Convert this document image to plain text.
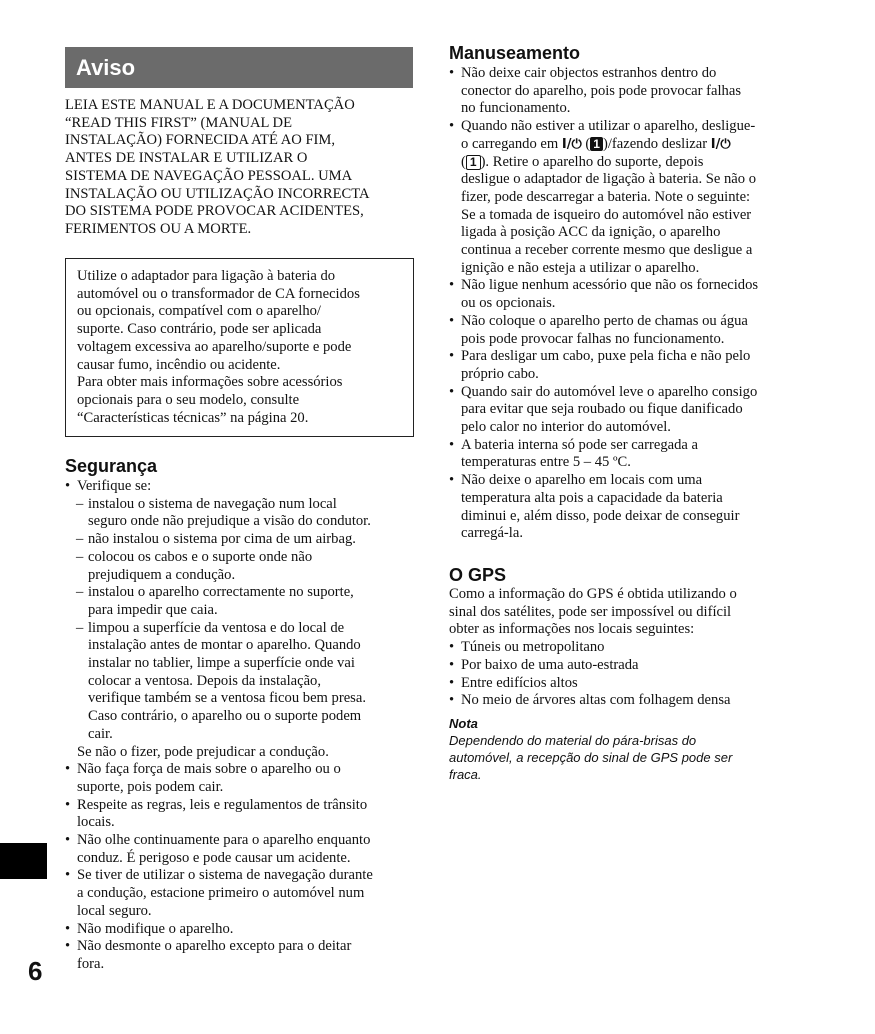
Aviso
LEIA ESTE MANUAL E A DOCUMENTAÇÃO
“READ THIS FIRST” (MANUAL DE
INSTALAÇÃO) FORNECIDA ATÉ AO FIM,
ANTES DE INSTALAR E UTILIZAR O
SISTEMA DE NAVEGAÇÃO PESSOAL. UMA
INSTALAÇÃO OU UTILIZAÇÃO INCORRECTA
DO SISTEMA PODE PROVOCAR ACIDENTES,
FERIMENTOS OU A MORTE.
Utilize o adaptador para ligação à bateria do
automóvel ou o transformador de CA fornecidos
ou opcionais, compatível com o aparelho/
suporte. Caso contrário, pode ser aplicada
voltagem excessiva ao aparelho/suporte e pode
causar fumo, incêndio ou acidente.
Para obter mais informações sobre acessórios
opcionais para o seu modelo, consulte
“Características técnicas” na página 20.
Segurança
• Verifique se:
– instalou o sistema de navegação num local
seguro onde não prejudique a visão do condutor.
– não instalou o sistema por cima de um airbag.
– colocou os cabos e o suporte onde não
prejudiquem a condução.
– instalou o aparelho correctamente no suporte,
para impedir que caia.
– limpou a superfície da ventosa e do local de
instalação antes de montar o aparelho. Quando
instalar no tablier, limpe a superfície onde vai
colocar a ventosa. Depois da instalação,
verifique também se a ventosa ficou bem presa.
Caso contrário, o aparelho ou o suporte podem
cair.
Se não o fizer, pode prejudicar a condução.
• Não faça força de mais sobre o aparelho ou o
suporte, pois podem cair.
• Respeite as regras, leis e regulamentos de trânsito
locais.
• Não olhe continuamente para o aparelho enquanto
conduz. É perigoso e pode causar um acidente.
• Se tiver de utilizar o sistema de navegação durante
a condução, estacione primeiro o automóvel num
local seguro.
• Não modifique o aparelho.
• Não desmonte o aparelho excepto para o deitar
fora.
Manuseamento
• Não deixe cair objectos estranhos dentro do
conector do aparelho, pois pode provocar falhas
no funcionamento.
• Quando não estiver a utilizar o aparelho, desligue-
o carregando em I/⏻ ( 1 )/fazendo deslizar I/⏻
( 1 ). Retire o aparelho do suporte, depois
desligue o adaptador de ligação à bateria. Se não o
fizer, pode descarregar a bateria. Note o seguinte:
Se a tomada de isqueiro do automóvel não estiver
ligada à posição ACC da ignição, o aparelho
continua a receber corrente mesmo que desligue a
ignição e não esteja a utilizar o aparelho.
• Não ligue nenhum acessório que não os fornecidos
ou os opcionais.
• Não coloque o aparelho perto de chamas ou água
pois pode provocar falhas no funcionamento.
• Para desligar um cabo, puxe pela ficha e não pelo
próprio cabo.
• Quando sair do automóvel leve o aparelho consigo
para evitar que seja roubado ou fique danificado
pelo calor no interior do automóvel.
• A bateria interna só pode ser carregada a
temperaturas entre 5 – 45 ºC.
• Não deixe o aparelho em locais com uma
temperatura alta pois a capacidade da bateria
diminui e, além disso, pode deixar de conseguir
carregá-la.
O GPS
Como a informação do GPS é obtida utilizando o
sinal dos satélites, pode ser impossível ou difícil
obter as informações nos locais seguintes:
• Túneis ou metropolitano
• Por baixo de uma auto-estrada
• Entre edifícios altos
• No meio de árvores altas com folhagem densa
Nota
Dependendo do material do pára-brisas do
automóvel, a recepção do sinal de GPS pode ser
fraca.
6
